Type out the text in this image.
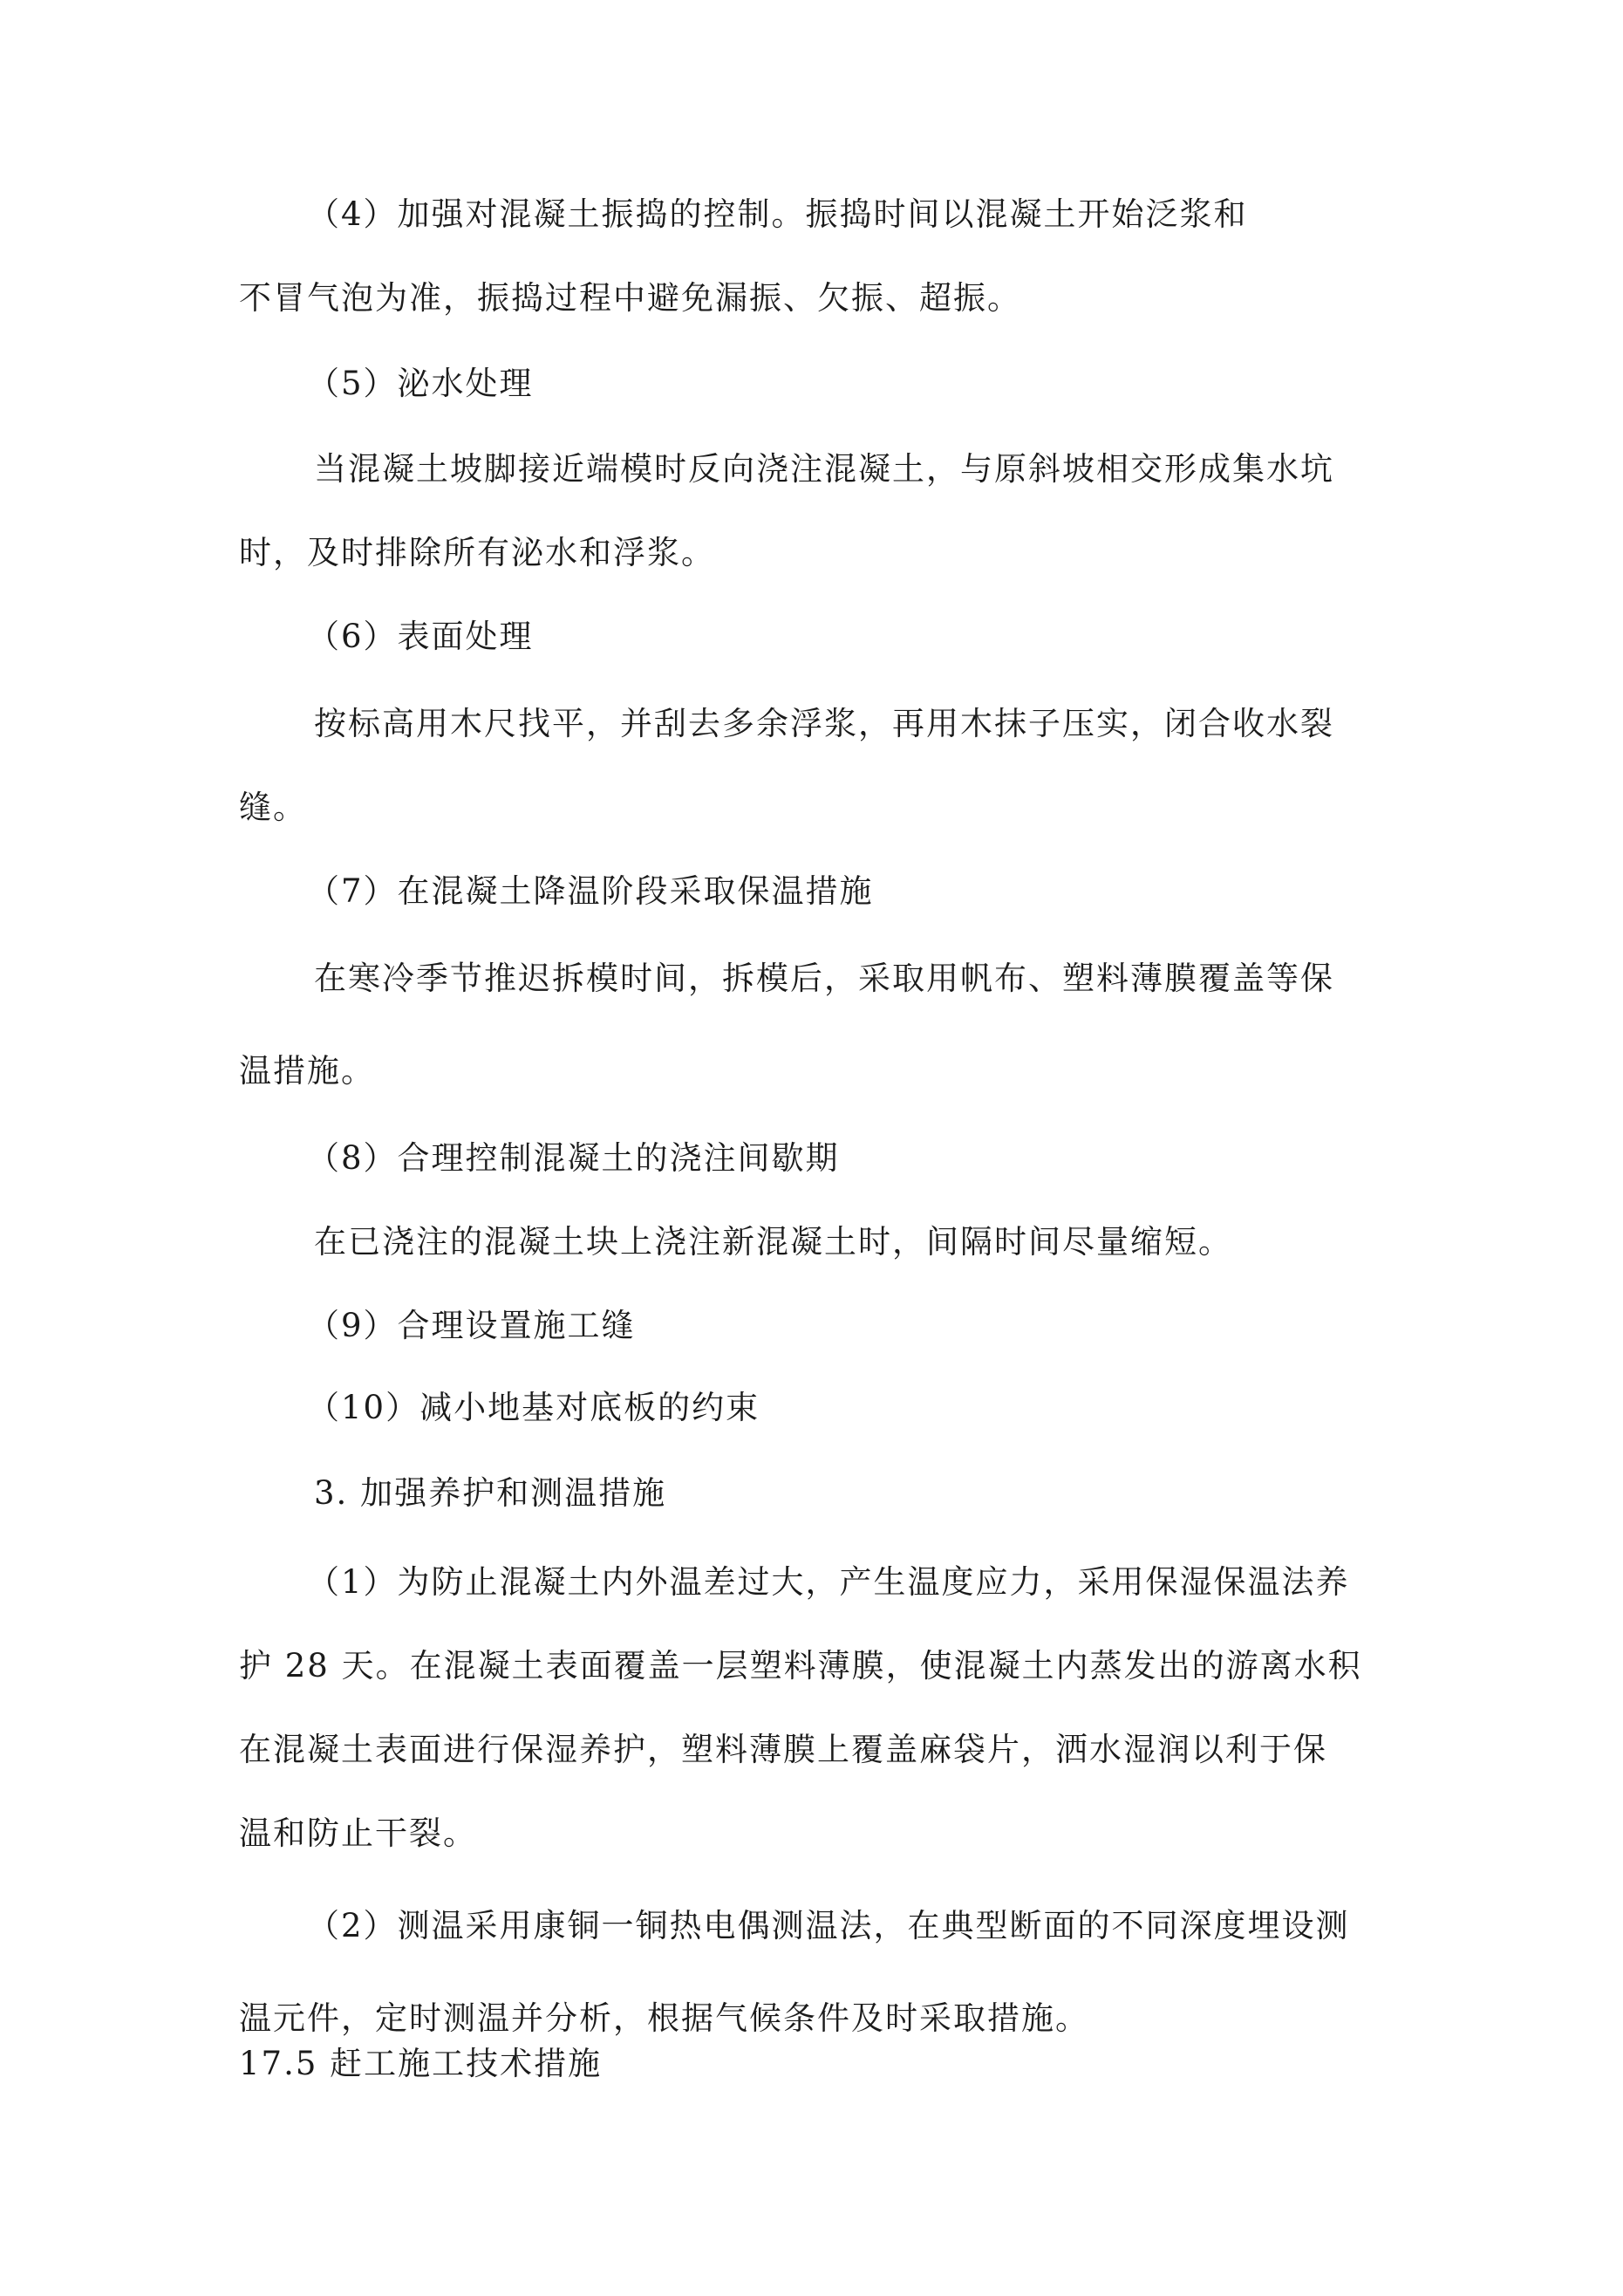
（4）加强对混凝土振捣的控制。振捣时间以混凝土开始泛浆和
不冒气泡为准，振捣过程中避免漏振、欠振、超振。
（5）泌水处理
当混凝土坡脚接近端模时反向浇注混凝土，与原斜坡相交形成集水坑
时，及时排除所有泌水和浮浆。
（6）表面处理
按标高用木尺找平，并刮去多余浮浆，再用木抹子压实，闭合收水裂
缝。
（7）在混凝土降温阶段采取保温措施
在寒冷季节推迟拆模时间，拆模后，采取用帆布、塑料薄膜覆盖等保
温措施。
（8）合理控制混凝土的浇注间歇期
在已浇注的混凝土块上浇注新混凝土时，间隔时间尽量缩短。
（9）合理设置施工缝
（10）减小地基对底板的约束
3. 加强养护和测温措施
（1）为防止混凝土内外温差过大，产生温度应力，采用保湿保温法养
护 28 天。在混凝土表面覆盖一层塑料薄膜，使混凝土内蒸发出的游离水积
在混凝土表面进行保湿养护，塑料薄膜上覆盖麻袋片，洒水湿润以利于保
温和防止干裂。
（2）测温采用康铜一铜热电偶测温法，在典型断面的不同深度埋设测
温元件，定时测温并分析，根据气候条件及时采取措施。
17.5 赶工施工技术措施
